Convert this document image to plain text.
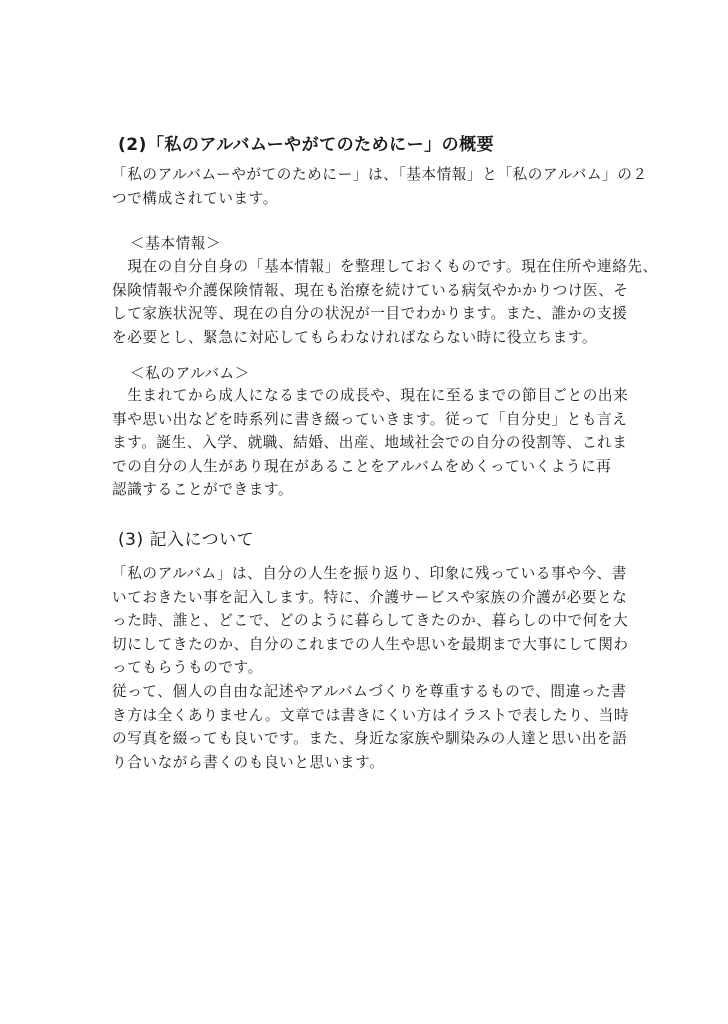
(2)「私のアルバムーやがてのためにー」の概要
「私のアルバムーやがてのためにー」は、「基本情報」と「私のアルバム」の２
つで構成されています。
＜基本情報＞
　現在の自分自身の「基本情報」を整理しておくものです。現在住所や連絡先、
保険情報や介護保険情報、現在も治療を続けている病気やかかりつけ医、そ
して家族状況等、現在の自分の状況が一目でわかります。また、誰かの支援
を必要とし、緊急に対応してもらわなければならない時に役立ちます。
＜私のアルバム＞
　生まれてから成人になるまでの成長や、現在に至るまでの節目ごとの出来
事や思い出などを時系列に書き綴っていきます。従って「自分史」とも言え
ます。誕生、入学、就職、結婚、出産、地域社会での自分の役割等、これま
での自分の人生があり現在があることをアルバムをめくっていくように再
認識することができます。
(3) 記入について
「私のアルバム」は、自分の人生を振り返り、印象に残っている事や今、書
いておきたい事を記入します。特に、介護サービスや家族の介護が必要とな
った時、誰と、どこで、どのように暮らしてきたのか、暮らしの中で何を大
切にしてきたのか、自分のこれまでの人生や思いを最期まで大事にして関わ
ってもらうものです。
従って、個人の自由な記述やアルバムづくりを尊重するもので、間違った書
き方は全くありません。文章では書きにくい方はイラストで表したり、当時
の写真を綴っても良いです。また、身近な家族や馴染みの人達と思い出を語
り合いながら書くのも良いと思います。
